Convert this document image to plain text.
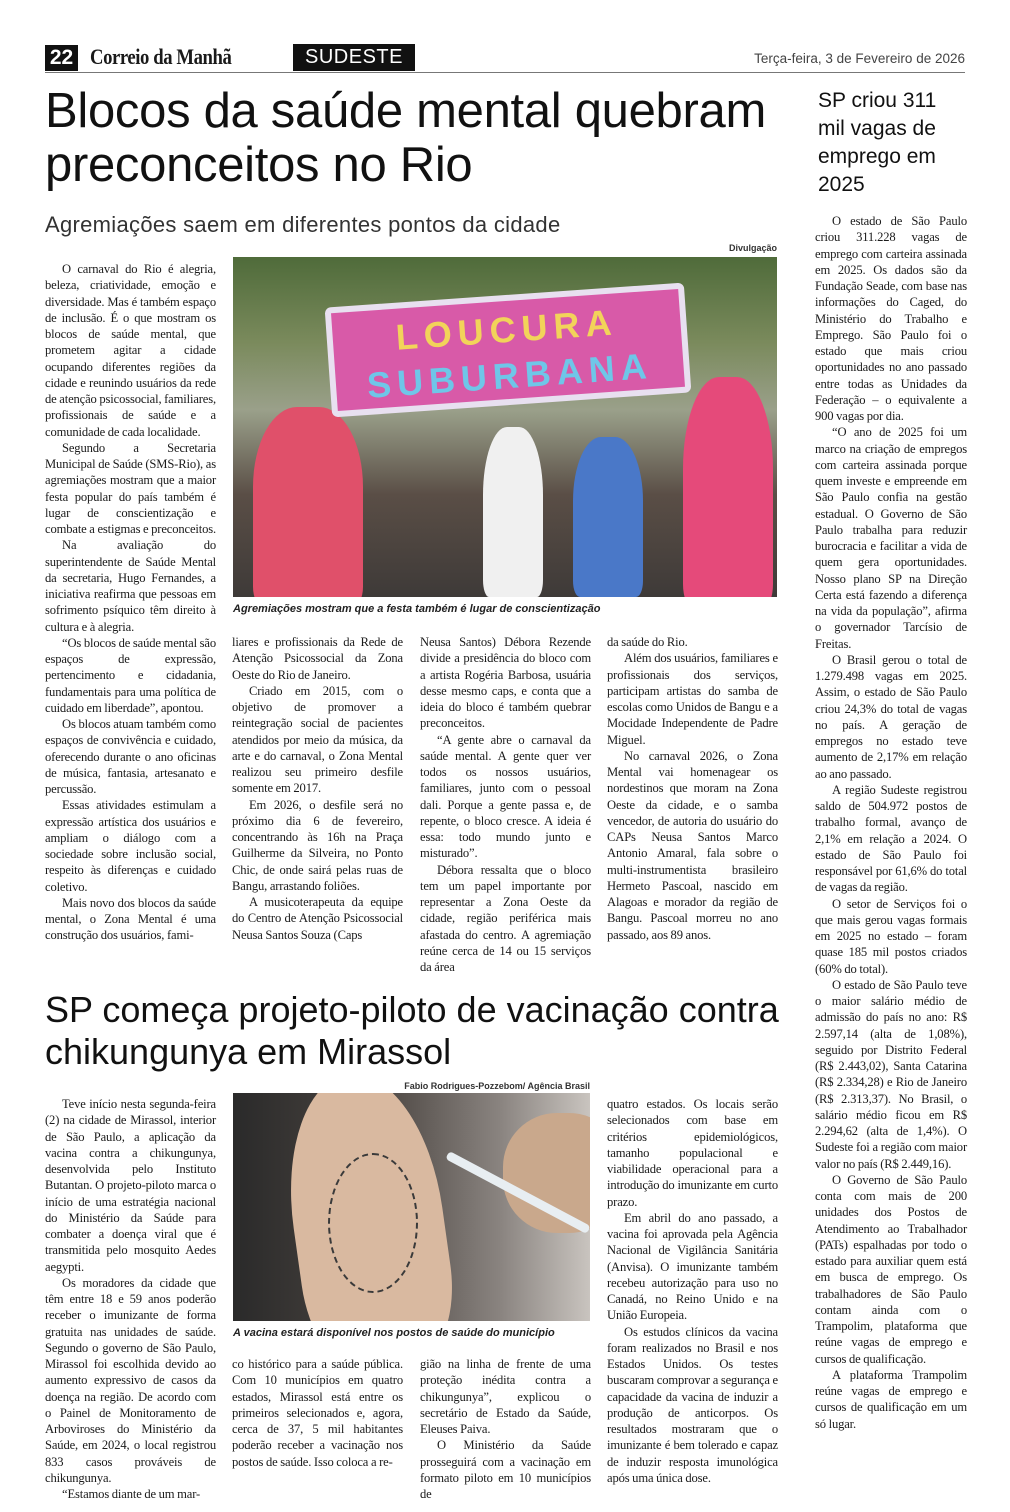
22 Correio da Manhã	SUDESTE	Terça-feira, 3 de Fevereiro de 2026
Blocos da saúde mental quebram preconceitos no Rio
Agremiações saem em diferentes pontos da cidade
Divulgação
LOUCURA
SUBURBANA
Agremiações mostram que a festa também é lugar de conscientização

O carnaval do Rio é alegria, beleza, criatividade, emoção e diversidade. Mas é também espaço de inclusão. É o que mostram os blocos de saúde mental, que prometem agitar a cidade ocupando diferentes regiões da cidade e reunindo usuários da rede de atenção psicossocial, familiares, profissionais de saúde e a comunidade de cada localidade.

Segundo a Secretaria Municipal de Saúde (SMS-Rio), as agremiações mostram que a maior festa popular do país também é lugar de conscientização e combate a estigmas e preconceitos.

Na avaliação do superintendente de Saúde Mental da secretaria, Hugo Fernandes, a iniciativa reafirma que pessoas em sofrimento psíquico têm direito à cultura e à alegria.

“Os blocos de saúde mental são espaços de expressão, pertencimento e cidadania, fundamentais para uma política de cuidado em liberdade”, apontou.

Os blocos atuam também como espaços de convivência e cuidado, oferecendo durante o ano oficinas de música, fantasia, artesanato e percussão.

Essas atividades estimulam a expressão artística dos usuários e ampliam o diálogo com a sociedade sobre inclusão social, respeito às diferenças e cuidado coletivo.

Mais novo dos blocos da saúde mental, o Zona Mental é uma construção dos usuários, fami-

liares e profissionais da Rede de Atenção Psicossocial da Zona Oeste do Rio de Janeiro.

Criado em 2015, com o objetivo de promover a reintegração social de pacientes atendidos por meio da música, da arte e do carnaval, o Zona Mental realizou seu primeiro desfile somente em 2017.

Em 2026, o desfile será no próximo dia 6 de fevereiro, concentrando às 16h na Praça Guilherme da Silveira, no Ponto Chic, de onde sairá pelas ruas de Bangu, arrastando foliões.

A musicoterapeuta da equipe do Centro de Atenção Psicossocial Neusa Santos Souza (Caps

Neusa Santos) Débora Rezende divide a presidência do bloco com a artista Rogéria Barbosa, usuária desse mesmo caps, e conta que a ideia do bloco é também quebrar preconceitos.

“A gente abre o carnaval da saúde mental. A gente quer ver todos os nossos usuários, familiares, junto com o pessoal dali. Porque a gente passa e, de repente, o bloco cresce. A ideia é essa: todo mundo junto e misturado”.

Débora ressalta que o bloco tem um papel importante por representar a Zona Oeste da cidade, região periférica mais afastada do centro. A agremiação reúne cerca de 14 ou 15 serviços da área

da saúde do Rio.

Além dos usuários, familiares e profissionais dos serviços, participam artistas do samba de escolas como Unidos de Bangu e a Mocidade Independente de Padre Miguel.

No carnaval 2026, o Zona Mental vai homenagear os nordestinos que moram na Zona Oeste da cidade, e o samba vencedor, de autoria do usuário do CAPs Neusa Santos Marco Antonio Amaral, fala sobre o multi-instrumentista brasileiro Hermeto Pascoal, nascido em Alagoas e morador da região de Bangu. Pascoal morreu no ano passado, aos 89 anos.

SP começa projeto-piloto de vacinação contra chikungunya em Mirassol
Fabio Rodrigues-Pozzebom/ Agência Brasil
A vacina estará disponível nos postos de saúde do município

Teve início nesta segunda-feira (2) na cidade de Mirassol, interior de São Paulo, a aplicação da vacina contra a chikungunya, desenvolvida pelo Instituto Butantan. O projeto-piloto marca o início de uma estratégia nacional do Ministério da Saúde para combater a doença viral que é transmitida pelo mosquito Aedes aegypti.

Os moradores da cidade que têm entre 18 e 59 anos poderão receber o imunizante de forma gratuita nas unidades de saúde. Segundo o governo de São Paulo, Mirassol foi escolhida devido ao aumento expressivo de casos da doença na região. De acordo com o Painel de Monitoramento de Arboviroses do Ministério da Saúde, em 2024, o local registrou 833 casos prováveis de chikungunya.

“Estamos diante de um mar-

co histórico para a saúde pública. Com 10 municípios em quatro estados, Mirassol está entre os primeiros selecionados e, agora, cerca de 37, 5 mil habitantes poderão receber a vacinação nos postos de saúde. Isso coloca a re-

gião na linha de frente de uma proteção inédita contra a chikungunya”, explicou o secretário de Estado da Saúde, Eleuses Paiva.

O Ministério da Saúde prosseguirá com a vacinação em formato piloto em 10 municípios de

quatro estados. Os locais serão selecionados com base em critérios epidemiológicos, tamanho populacional e viabilidade operacional para a introdução do imunizante em curto prazo.

Em abril do ano passado, a vacina foi aprovada pela Agência Nacional de Vigilância Sanitária (Anvisa). O imunizante também recebeu autorização para uso no Canadá, no Reino Unido e na União Europeia.

Os estudos clínicos da vacina foram realizados no Brasil e nos Estados Unidos. Os testes buscaram comprovar a segurança e capacidade da vacina de induzir a produção de anticorpos. Os resultados mostraram que o imunizante é bem tolerado e capaz de induzir resposta imunológica após uma única dose.

SP criou 311 mil vagas de emprego em 2025

O estado de São Paulo criou 311.228 vagas de emprego com carteira assinada em 2025. Os dados são da Fundação Seade, com base nas informações do Caged, do Ministério do Trabalho e Emprego. São Paulo foi o estado que mais criou oportunidades no ano passado entre todas as Unidades da Federação – o equivalente a 900 vagas por dia.

“O ano de 2025 foi um marco na criação de empregos com carteira assinada porque quem investe e empreende em São Paulo confia na gestão estadual. O Governo de São Paulo trabalha para reduzir burocracia e facilitar a vida de quem gera oportunidades. Nosso plano SP na Direção Certa está fazendo a diferença na vida da população”, afirma o governador Tarcísio de Freitas.

O Brasil gerou o total de 1.279.498 vagas em 2025. Assim, o estado de São Paulo criou 24,3% do total de vagas no país. A geração de empregos no estado teve aumento de 2,17% em relação ao ano passado.

A região Sudeste registrou saldo de 504.972 postos de trabalho formal, avanço de 2,1% em relação a 2024. O estado de São Paulo foi responsável por 61,6% do total de vagas da região.

O setor de Serviços foi o que mais gerou vagas formais em 2025 no estado – foram quase 185 mil postos criados (60% do total).

O estado de São Paulo teve o maior salário médio de admissão do país no ano: R$ 2.597,14 (alta de 1,08%), seguido por Distrito Federal (R$ 2.443,02), Santa Catarina (R$ 2.334,28) e Rio de Janeiro (R$ 2.313,37). No Brasil, o salário médio ficou em R$ 2.294,62 (alta de 1,4%). O Sudeste foi a região com maior valor no país (R$ 2.449,16).

O Governo de São Paulo conta com mais de 200 unidades dos Postos de Atendimento ao Trabalhador (PATs) espalhadas por todo o estado para auxiliar quem está em busca de emprego. Os trabalhadores de São Paulo contam ainda com o Trampolim, plataforma que reúne vagas de emprego e cursos de qualificação.

A plataforma Trampolim reúne vagas de emprego e cursos de qualificação em um só lugar.
